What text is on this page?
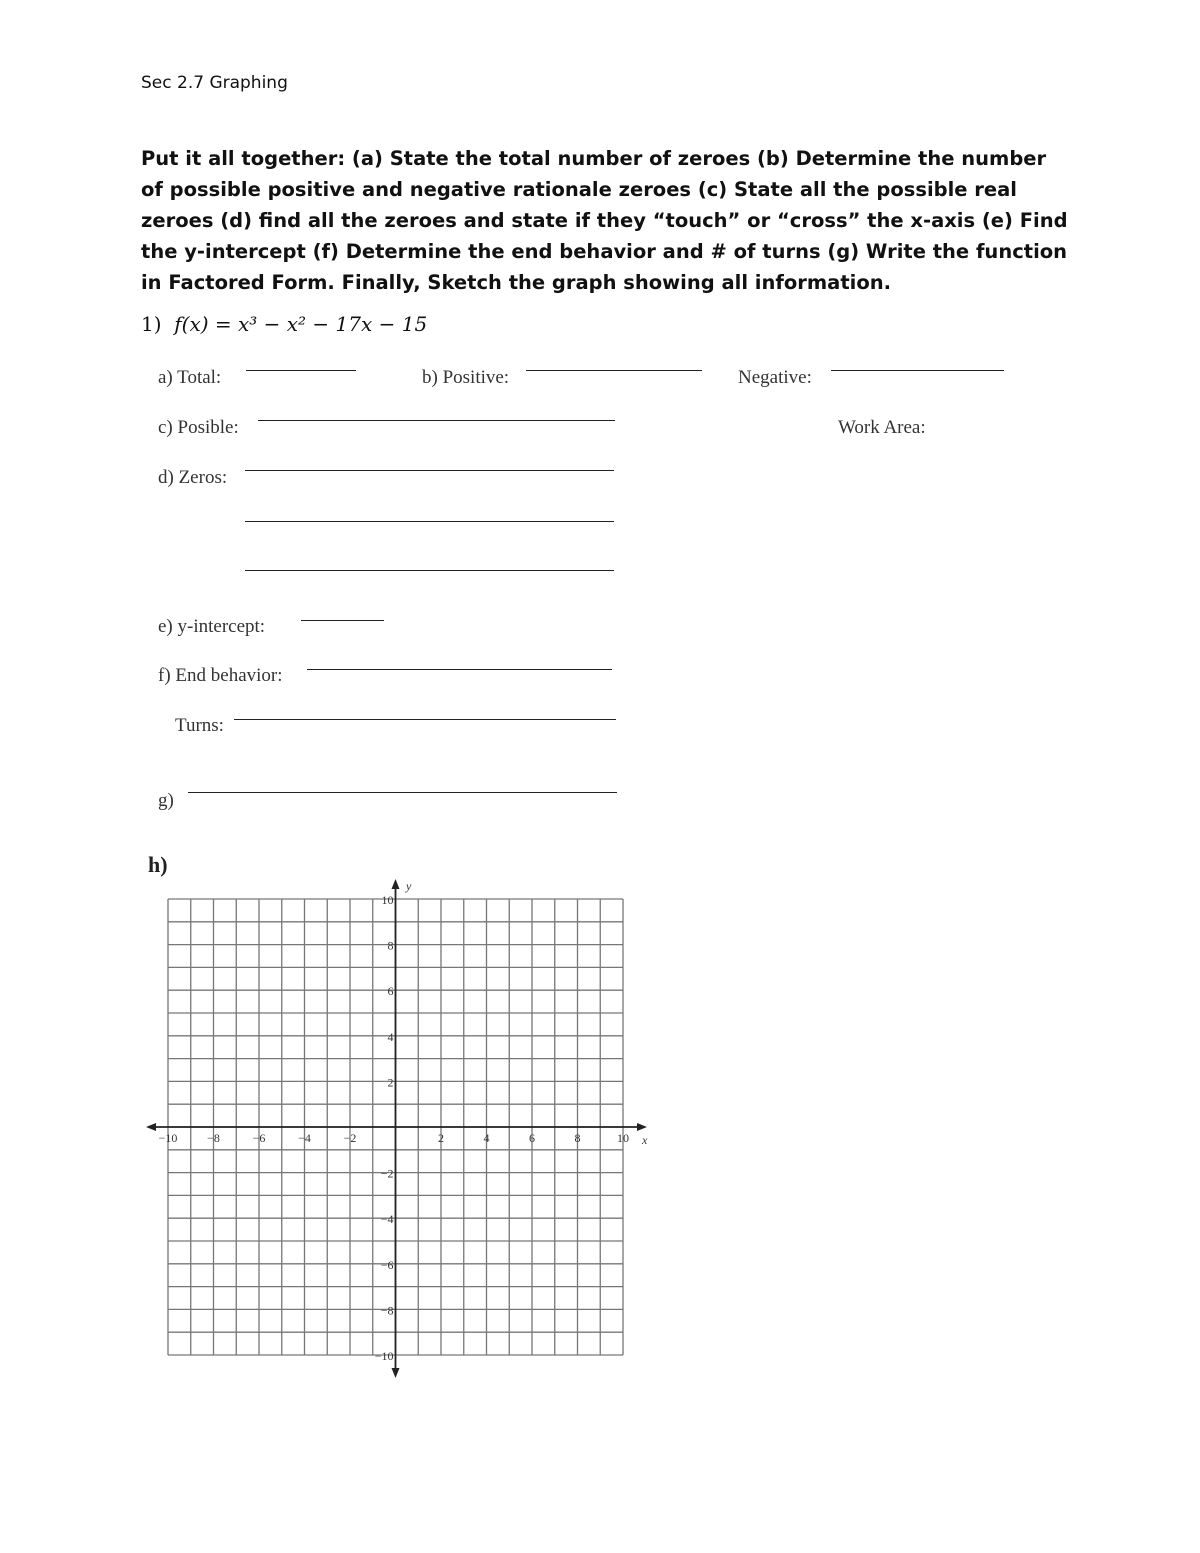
Sec 2.7 Graphing
Put it all together: (a) State the total number of zeroes (b) Determine the number of possible positive and negative rationale zeroes (c) State all the possible real zeroes (d) find all the zeroes and state if they “touch” or “cross” the x-axis (e) Find the y-intercept (f) Determine the end behavior and # of turns (g) Write the function in Factored Form. Finally, Sketch the graph showing all information.
1) f(x) = x³ − x² − 17x − 15
a) Total:	b) Positive:	Negative:
c) Posible:	Work Area:
d) Zeros:
e) y-intercept:
f) End behavior:
Turns:
g)
h)
−10 −8	−6	−4	−2	2	4	6	8	10
10
8
6
4
2
−2
−4
−6
−8
−10
x
y
